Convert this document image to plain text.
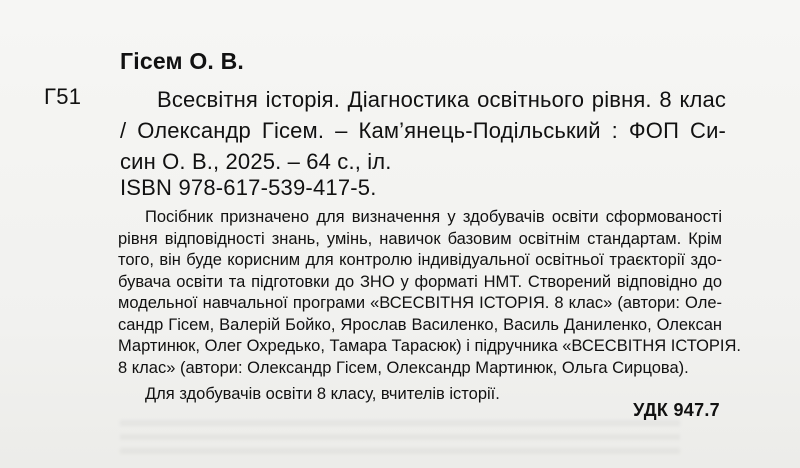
Гісем О. В.
Г51	Всесвітня історія. Діагностика освітнього рівня. 8 клас
/ Олександр Гісем. – Кам’янець-Подільський : ФОП Си-
син О. В., 2025. – 64 с., іл.
ISBN 978-617-539-417-5.
Посібник призначено для визначення у здобувачів освіти сформованості
рівня відповідності знань, умінь, навичок базовим освітнім стандартам. Крім
того, він буде корисним для контролю індивідуальної освітньої траєкторії здо-
бувача освіти та підготовки до ЗНО у форматі НМТ. Створений відповідно до
модельної навчальної програми «ВСЕСВІТНЯ ІСТОРІЯ. 8 клас» (автори: Оле-
сандр Гісем, Валерій Бойко, Ярослав Василенко, Василь Даниленко, Олексан
Мартинюк, Олег Охредько, Тамара Тарасюк) і підручника «ВСЕСВІТНЯ ІСТОРІЯ.
8 клас» (автори: Олександр Гісем, Олександр Мартинюк, Ольга Сирцова).
Для здобувачів освіти 8 класу, вчителів історії.
УДК 947.7
